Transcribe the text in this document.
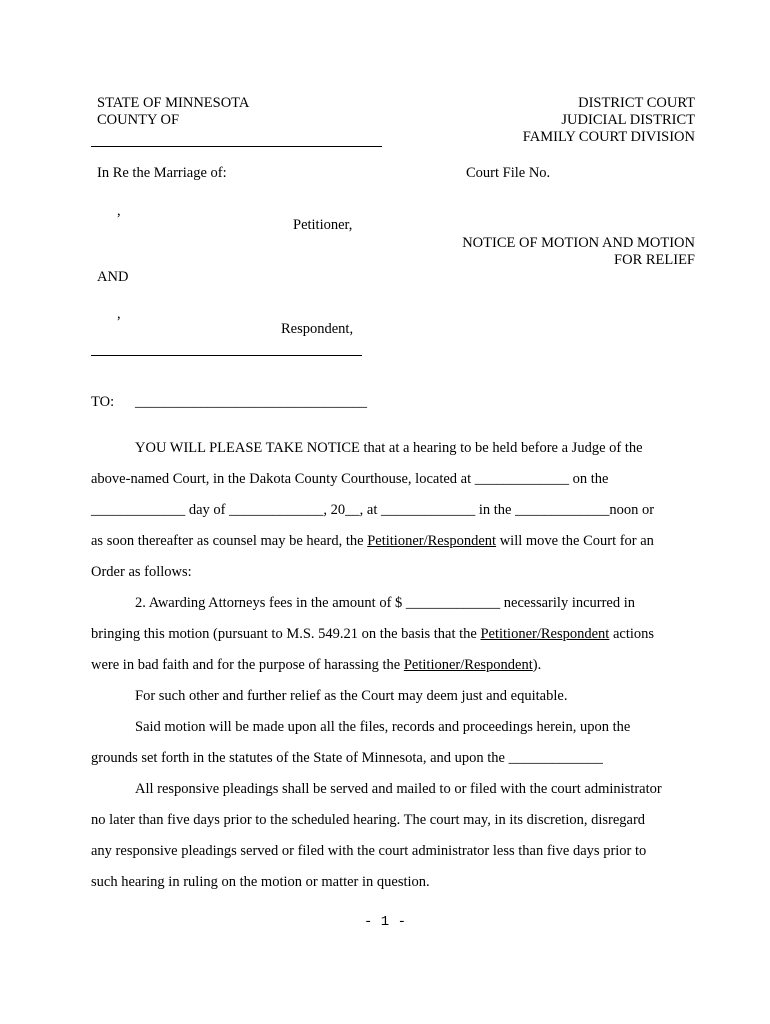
STATE OF MINNESOTA
COUNTY OF
DISTRICT COURT
JUDICIAL DISTRICT
FAMILY COURT DIVISION
In Re the Marriage of:	Court File No.
,
Petitioner,
NOTICE OF MOTION AND MOTION
FOR RELIEF
AND
,
Respondent,
TO: ________________________________

YOU WILL PLEASE TAKE NOTICE that at a hearing to be held before a Judge of the

above-named Court, in the Dakota County Courthouse, located at _____________ on the

_____________ day of _____________, 20__, at _____________ in the _____________noon or

as soon thereafter as counsel may be heard, the Petitioner/Respondent will move the Court for an

Order as follows:

2. Awarding Attorneys fees in the amount of $ _____________ necessarily incurred in

bringing this motion (pursuant to M.S. 549.21 on the basis that the Petitioner/Respondent actions

were in bad faith and for the purpose of harassing the Petitioner/Respondent).

For such other and further relief as the Court may deem just and equitable.

Said motion will be made upon all the files, records and proceedings herein, upon the

grounds set forth in the statutes of the State of Minnesota, and upon the _____________

All responsive pleadings shall be served and mailed to or filed with the court administrator

no later than five days prior to the scheduled hearing. The court may, in its discretion, disregard

any responsive pleadings served or filed with the court administrator less than five days prior to

such hearing in ruling on the motion or matter in question.

- 1 -
